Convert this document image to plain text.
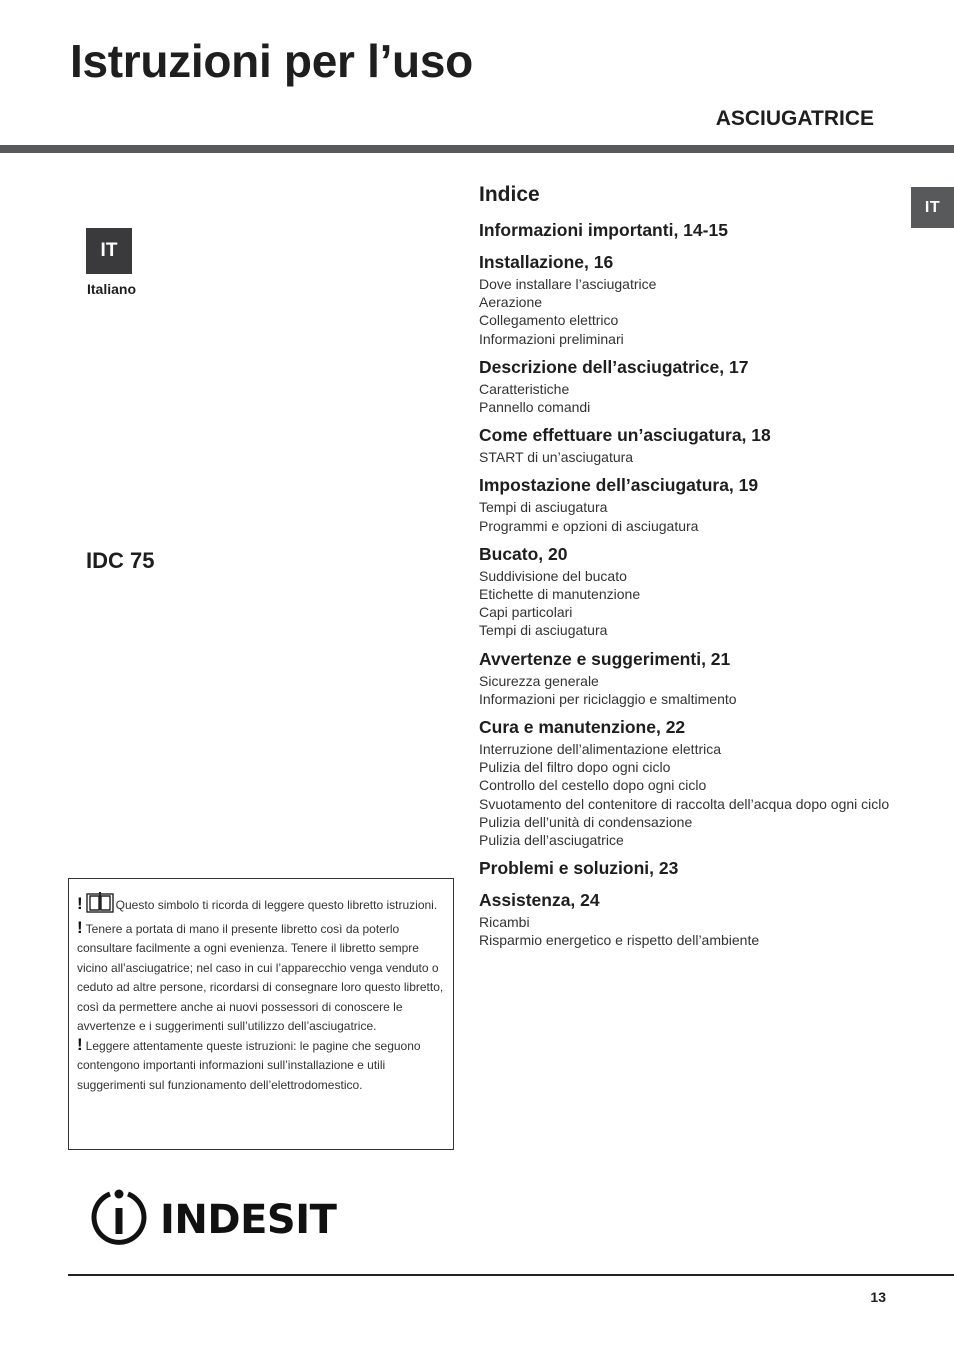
Istruzioni per l’uso
ASCIUGATRICE
IT
IT
Italiano
IDC 75
Indice
Informazioni importanti, 14-15
Installazione, 16
Dove installare l’asciugatrice
Aerazione
Collegamento elettrico
Informazioni preliminari
Descrizione dell’asciugatrice, 17
Caratteristiche
Pannello comandi
Come effettuare un’asciugatura, 18
START di un’asciugatura
Impostazione dell’asciugatura, 19
Tempi di asciugatura
Programmi e opzioni di asciugatura
Bucato, 20
Suddivisione del bucato
Etichette di manutenzione
Capi particolari
Tempi di asciugatura
Avvertenze e suggerimenti, 21
Sicurezza generale
Informazioni per riciclaggio e smaltimento
Cura e manutenzione, 22
Interruzione dell’alimentazione elettrica
Pulizia del filtro dopo ogni ciclo
Controllo del cestello dopo ogni ciclo
Svuotamento del contenitore di raccolta dell’acqua dopo ogni ciclo
Pulizia dell’unità di condensazione
Pulizia dell’asciugatrice
Problemi e soluzioni, 23
Assistenza, 24
Ricambi
Risparmio energetico e rispetto dell’ambiente

!	Questo simbolo ti ricorda di leggere questo libretto istruzioni.

! Tenere a portata di mano il presente libretto così da poterlo consultare facilmente a ogni evenienza. Tenere il libretto sempre vicino all’asciugatrice; nel caso in cui l’apparecchio venga venduto o ceduto ad altre persone, ricordarsi di consegnare loro questo libretto, così da permettere anche ai nuovi possessori di conoscere le avvertenze e i suggerimenti sull’utilizzo dell’asciugatrice.

! Leggere attentamente queste istruzioni: le pagine che seguono contengono importanti informazioni sull’installazione e utili suggerimenti sul funzionamento dell’elettrodomestico.

INDESIT
13
